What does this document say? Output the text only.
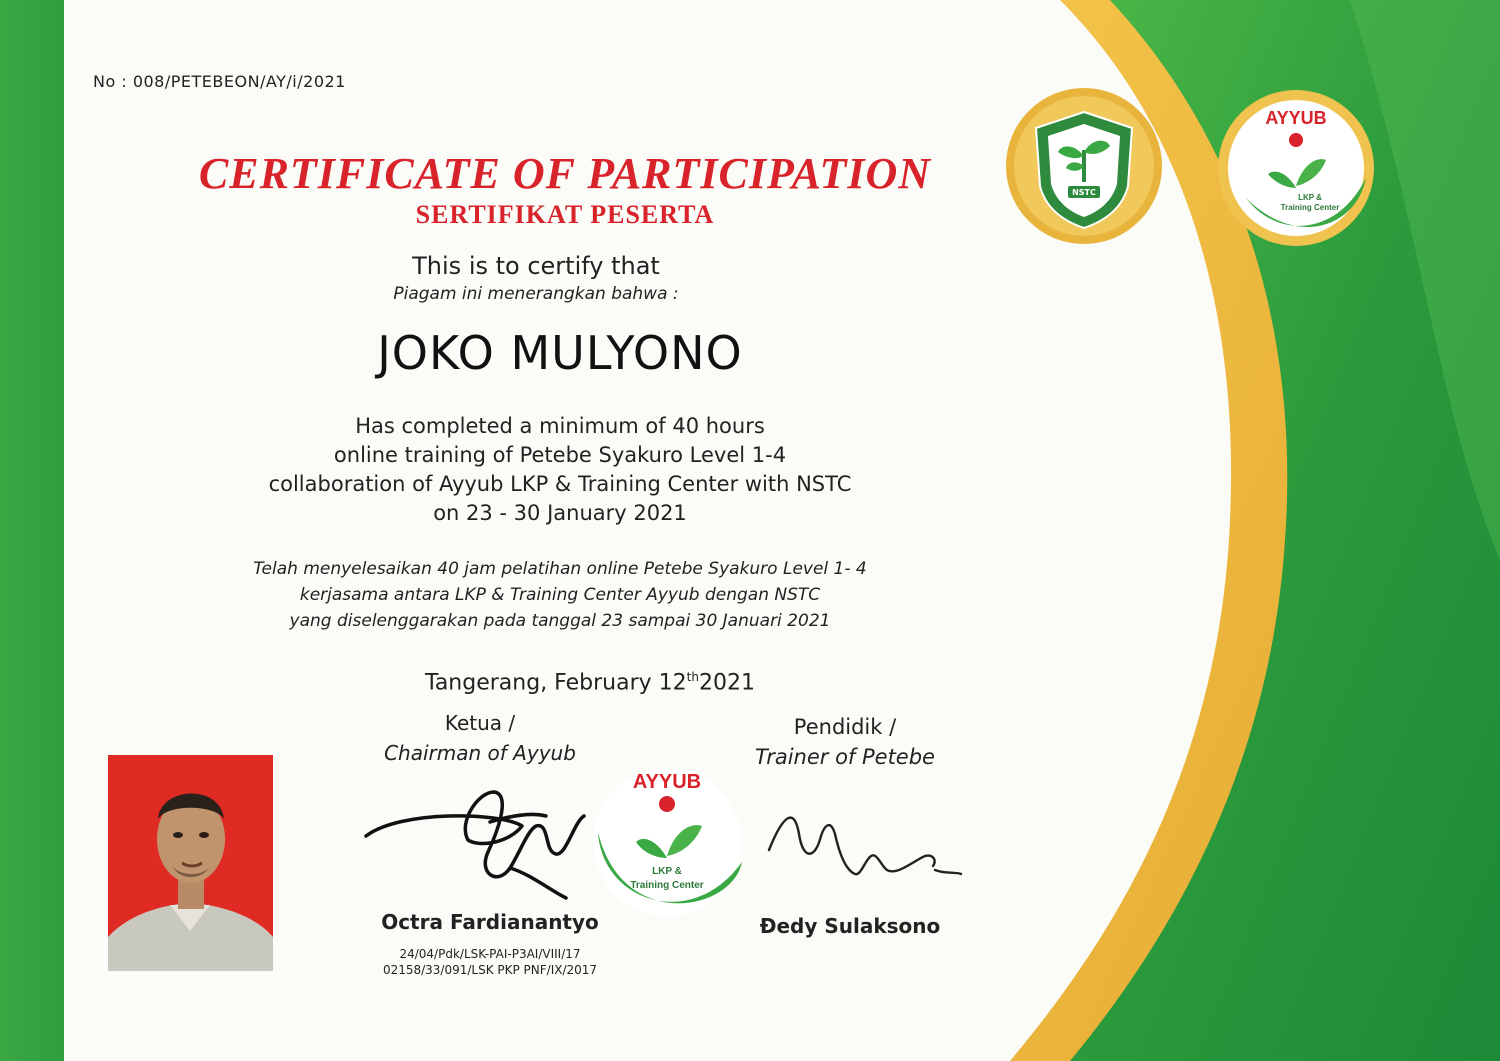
NSTC
AYYUB
LKP &
Training Center
No : 008/PETEBEON/AY/i/2021
CERTIFICATE OF PARTICIPATION
SERTIFIKAT PESERTA
This is to certify that
Piagam ini menerangkan bahwa :
JOKO MULYONO
Has completed a minimum of 40 hours
online training of Petebe Syakuro Level 1-4
collaboration of Ayyub LKP & Training Center with NSTC
on 23 - 30 January 2021
Telah menyelesaikan 40 jam pelatihan online Petebe Syakuro Level 1- 4
kerjasama antara LKP & Training Center Ayyub dengan NSTC
yang diselenggarakan pada tanggal 23 sampai 30 Januari 2021
Tangerang, February 12th2021
Ketua /
Chairman of Ayyub
Pendidik /
Trainer of Petebe
AYYUB
LKP &
Training Center
Octra Fardianantyo	Đedy Sulaksono
24/04/Pdk/LSK-PAI-P3AI/VIII/17
02158/33/091/LSK PKP PNF/IX/2017
